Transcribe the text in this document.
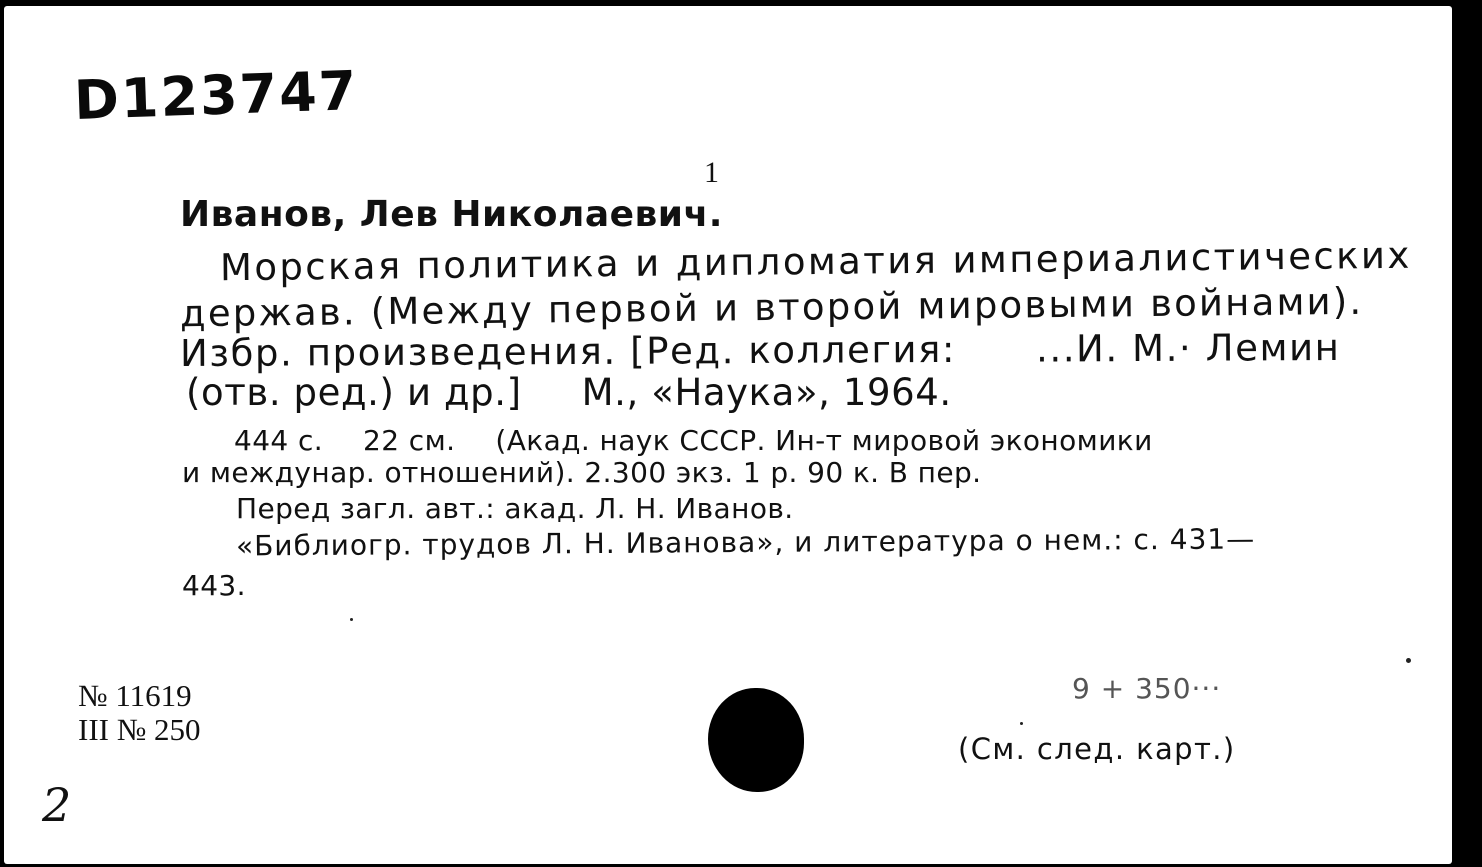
D123747
1
Иванов, Лев Николаевич.
Морская политика и дипломатия империалистических
держав. (Между первой и второй мировыми войнами).
Избр. произведения. [Ред. коллегия: ...И. М.· Лемин
(отв. ред.) и др.] М., «Наука», 1964.
444 с. 22 см. (Акад. наук СССР. Ин-т мировой экономики
и междунар. отношений). 2.300 экз. 1 р. 90 к. В пер.
Перед загл. авт.: акад. Л. Н. Иванов.
«Библиогр. трудов Л. Н. Иванова», и литература о нем.: с. 431—
443.
№ 11619
III № 250
2
9 + 350···
(См. след. карт.)
